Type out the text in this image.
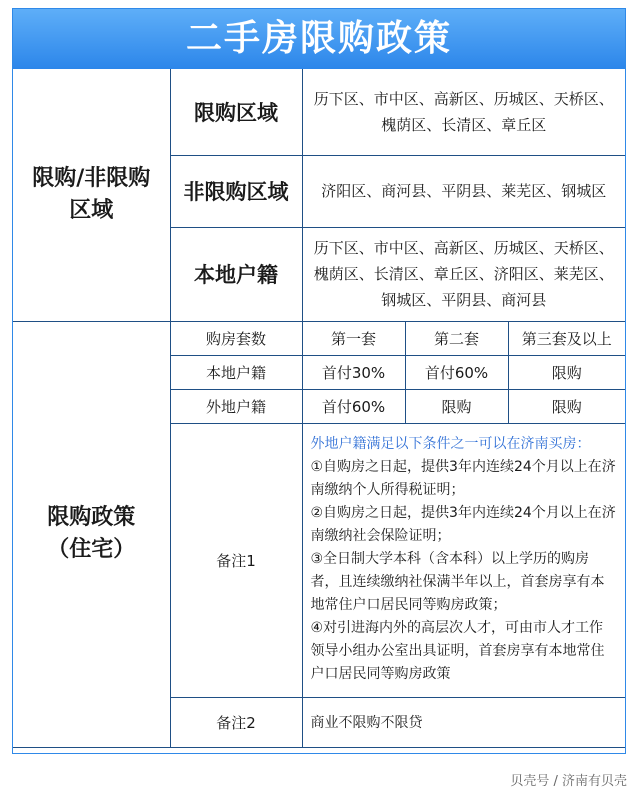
二手房限购政策
限购/非限购区域	限购区域	历下区、市中区、高新区、历城区、天桥区、槐荫区、长清区、章丘区		
	非限购区域	济阳区、商河县、平阴县、莱芜区、钢城区		
	本地户籍	历下区、市中区、高新区、历城区、天桥区、槐荫区、长清区、章丘区、济阳区、莱芜区、钢城区、平阴县、商河县		

限购政策（住宅）	购房套数	第一套	第二套	第三套及以上
	本地户籍	首付30%	首付60%	限购
	外地户籍	首付60%	限购	限购
	备注1	外地户籍满足以下条件之一可以在济南买房：
①自购房之日起，提供3年内连续24个月以上在济南缴纳个人所得税证明；
②自购房之日起，提供3年内连续24个月以上在济南缴纳社会保险证明；
③全日制大学本科（含本科）以上学历的购房者，且连续缴纳社保满半年以上，首套房享有本地常住户口居民同等购房政策；
④对引进海内外的高层次人才，可由市人才工作领导小组办公室出具证明，首套房享有本地常住户口居民同等购房政策		

	备注2	商业不限购不限贷		
贝壳号 / 济南有贝壳
